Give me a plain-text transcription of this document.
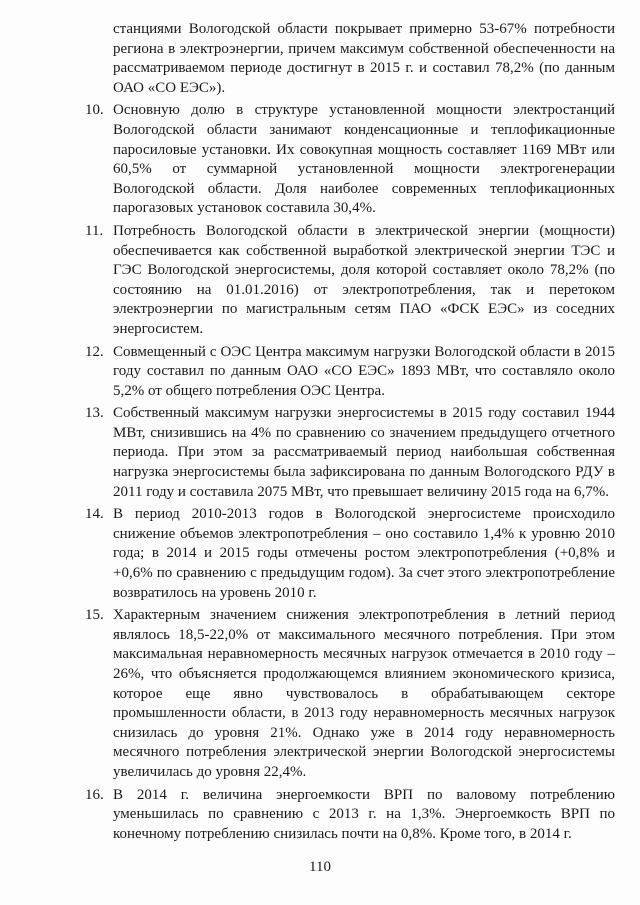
станциями Вологодской области покрывает примерно 53-67% потребности региона в электроэнергии, причем максимум собственной обеспеченности на рассматриваемом периоде достигнут в 2015 г. и составил 78,2% (по данным ОАО «СО ЕЭС»).

10. Основную долю в структуре установленной мощности электростанций Вологодской области занимают конденсационные и теплофикационные паросиловые установки. Их совокупная мощность составляет 1169 МВт или 60,5% от суммарной установленной мощности электрогенерации Вологодской области. Доля наиболее современных теплофикационных парогазовых установок составила 30,4%.

11. Потребность Вологодской области в электрической энергии (мощности) обеспечивается как собственной выработкой электрической энергии ТЭС и ГЭС Вологодской энергосистемы, доля которой составляет около 78,2% (по состоянию на 01.01.2016) от электропотребления, так и перетоком электроэнергии по магистральным сетям ПАО «ФСК ЕЭС» из соседних энергосистем.

12. Совмещенный с ОЭС Центра максимум нагрузки Вологодской области в 2015 году составил по данным ОАО «СО ЕЭС» 1893 МВт, что составляло около 5,2% от общего потребления ОЭС Центра.

13. Собственный максимум нагрузки энергосистемы в 2015 году составил 1944 МВт, снизившись на 4% по сравнению со значением предыдущего отчетного периода. При этом за рассматриваемый период наибольшая собственная нагрузка энергосистемы была зафиксирована по данным Вологодского РДУ в 2011 году и составила 2075 МВт, что превышает величину 2015 года на 6,7%.

14. В период 2010-2013 годов в Вологодской энергосистеме происходило снижение объемов электропотребления – оно составило 1,4% к уровню 2010 года; в 2014 и 2015 годы отмечены ростом электропотребления (+0,8% и +0,6% по сравнению с предыдущим годом). За счет этого электропотребление возвратилось на уровень 2010 г.

15. Характерным значением снижения электропотребления в летний период являлось 18,5-22,0% от максимального месячного потребления. При этом максимальная неравномерность месячных нагрузок отмечается в 2010 году – 26%, что объясняется продолжающемся влиянием экономического кризиса, которое еще явно чувствовалось в обрабатывающем секторе промышленности области, в 2013 году неравномерность месячных нагрузок снизилась до уровня 21%. Однако уже в 2014 году неравномерность месячного потребления электрической энергии Вологодской энергосистемы увеличилась до уровня 22,4%.

16. В 2014 г. величина энергоемкости ВРП по валовому потреблению уменьшилась по сравнению с 2013 г. на 1,3%. Энергоемкость ВРП по конечному потреблению снизилась почти на 0,8%. Кроме того, в 2014 г.

110
